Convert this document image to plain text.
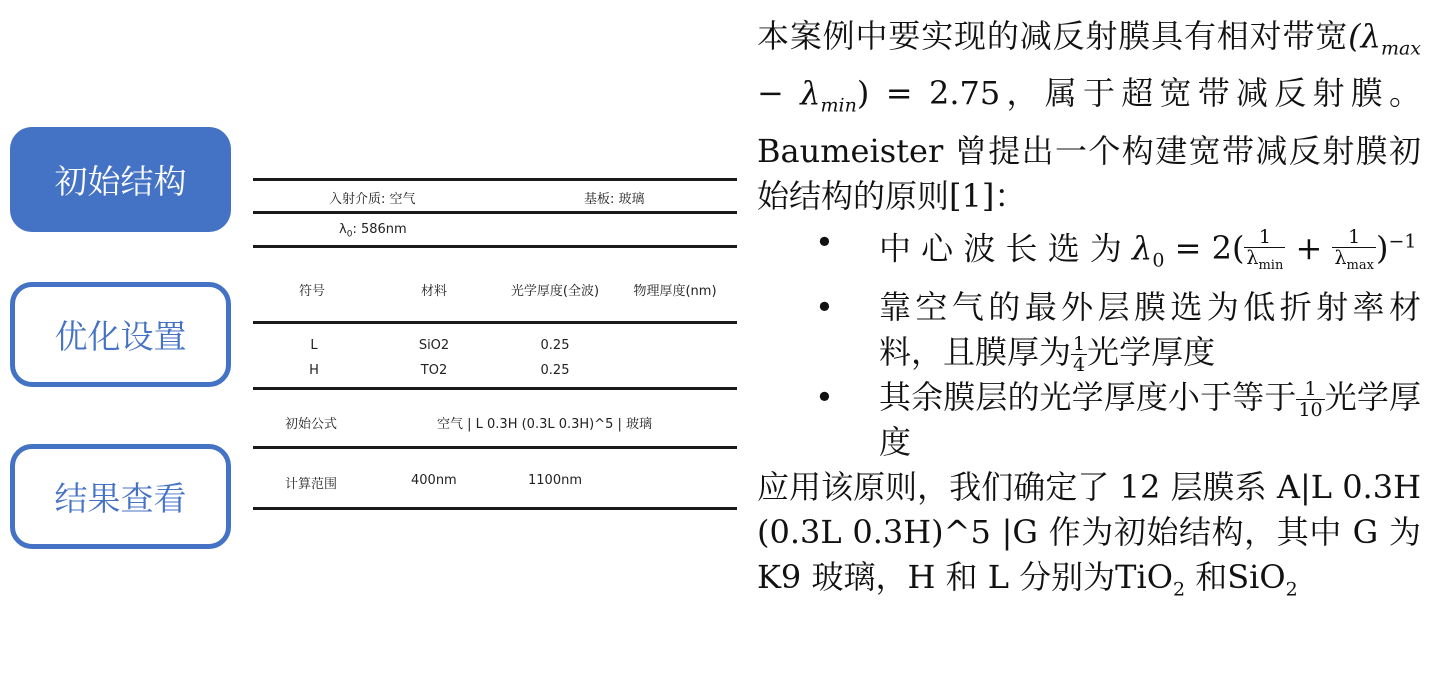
初始结构
优化设置
结果查看
入射介质: 空气	基板: 玻璃
$\lambda_0$: 586nm
符号	材料	光学厚度(全波)	物理厚度(nm)
L	SiO2	0.25
H	TO2	0.25
初始公式	空气 | L 0.3H (0.3L 0.3H)^5 | 玻璃
计算范围	400nm	1100nm

本案例中要实现的减反射膜具有相对带宽$(\lambda_{max} - \lambda_{min}) = 2.75$，属于超宽带减反射膜。Baumeister 曾提出一个构建宽带减反射膜初始结构的原则[1]：

• 中 心 波 长 选 为 $\lambda_0 = 2( \frac{1}{\lambda_{min}} + \frac{1}{\lambda_{max}} )^{-1}$
• 靠空气的最外层膜选为低折射率材料，且膜厚为 $\frac{1}{4}$ 光学厚度
• 其余膜层的光学厚度小于等于 $\frac{1}{10}$ 光学厚度

应用该原则，我们确定了 12 层膜系 A|L 0.3H (0.3L 0.3H)^5 |G 作为初始结构，其中 G 为 K9 玻璃，H 和 L 分别为TiO$_2$ 和SiO$_2$
